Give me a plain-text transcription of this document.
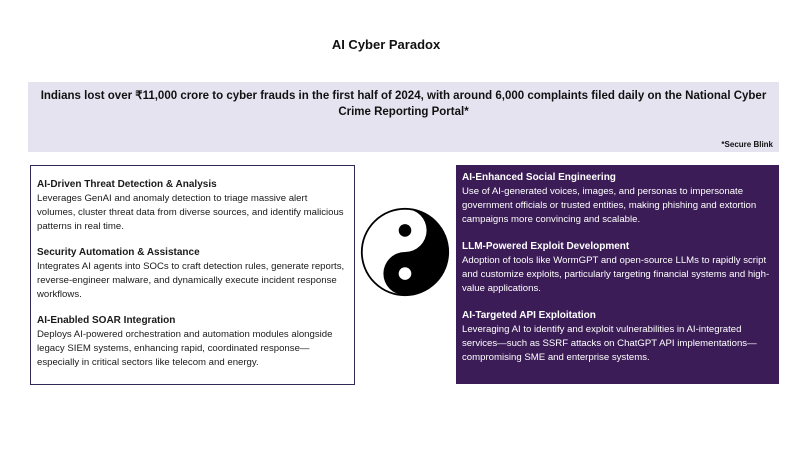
AI Cyber Paradox
Indians lost over ₹11,000 crore to cyber frauds in the first half of 2024, with around 6,000 complaints filed daily on the National Cyber Crime Reporting Portal*
*Secure Blink
AI-Driven Threat Detection & Analysis
Leverages GenAI and anomaly detection to triage massive alert volumes, cluster threat data from diverse sources, and identify malicious patterns in real time.
Security Automation & Assistance
Integrates AI agents into SOCs to craft detection rules, generate reports, reverse-engineer malware, and dynamically execute incident response workflows.
AI-Enabled SOAR Integration
Deploys AI-powered orchestration and automation modules alongside legacy SIEM systems, enhancing rapid, coordinated response—especially in critical sectors like telecom and energy.
AI-Enhanced Social Engineering
Use of AI-generated voices, images, and personas to impersonate government officials or trusted entities, making phishing and extortion campaigns more convincing and scalable.
LLM-Powered Exploit Development
Adoption of tools like WormGPT and open-source LLMs to rapidly script and customize exploits, particularly targeting financial systems and high-value applications.
AI-Targeted API Exploitation
Leveraging AI to identify and exploit vulnerabilities in AI-integrated services—such as SSRF attacks on ChatGPT API implementations—compromising SME and enterprise systems.
